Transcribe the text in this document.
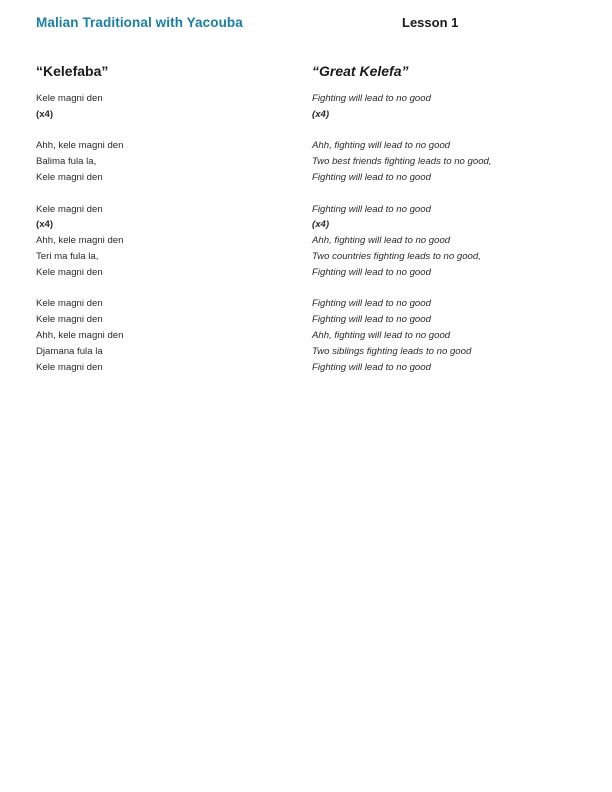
Malian Traditional with Yacouba	Lesson 1
“Kelefaba”
Kele magni den
(x4)
Ahh, kele magni den
Balima fula la,
Kele magni den
Kele magni den
(x4)
Ahh, kele magni den
Teri ma fula la,
Kele magni den
Kele magni den
Kele magni den
Ahh, kele magni den
Djamana fula la
Kele magni den
“Great Kelefa”
Fighting will lead to no good
(x4)
Ahh, fighting will lead to no good
Two best friends fighting leads to no good,
Fighting will lead to no good
Fighting will lead to no good
(x4)
Ahh, fighting will lead to no good
Two countries fighting leads to no good,
Fighting will lead to no good
Fighting will lead to no good
Fighting will lead to no good
Ahh, fighting will lead to no good
Two siblings fighting leads to no good
Fighting will lead to no good
